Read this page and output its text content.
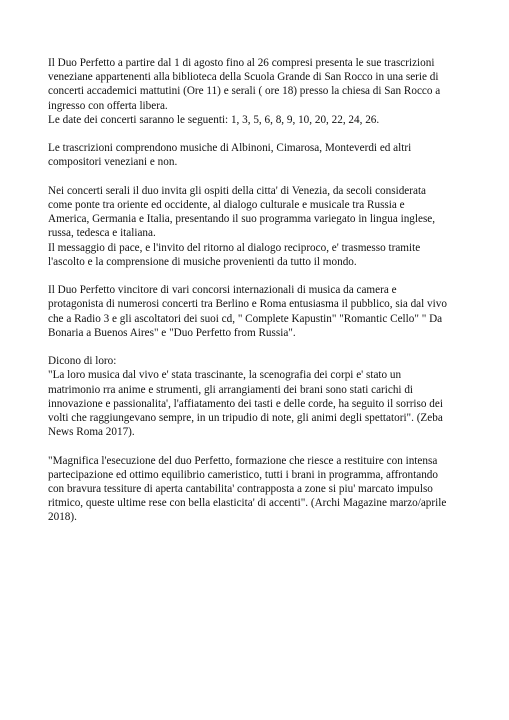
Il Duo Perfetto a partire dal 1 di agosto fino al 26 compresi presenta le sue trascrizioni
veneziane appartenenti alla biblioteca della Scuola Grande di San Rocco in una serie di
concerti accademici mattutini (Ore 11) e serali ( ore 18) presso la chiesa di San Rocco a
ingresso con offerta libera.
Le date dei concerti saranno le seguenti: 1, 3, 5, 6, 8, 9, 10, 20, 22, 24, 26.

Le trascrizioni comprendono musiche di Albinoni, Cimarosa, Monteverdi ed altri
compositori veneziani e non.

Nei concerti serali il duo invita gli ospiti della citta' di Venezia, da secoli considerata
come ponte tra oriente ed occidente, al dialogo culturale e musicale tra Russia e
America, Germania e Italia, presentando il suo programma variegato in lingua inglese,
russa, tedesca e italiana.
Il messaggio di pace, e l'invito del ritorno al dialogo reciproco, e' trasmesso tramite
l'ascolto e la comprensione di musiche provenienti da tutto il mondo.

Il Duo Perfetto vincitore di vari concorsi internazionali di musica da camera e
protagonista di numerosi concerti tra Berlino e Roma entusiasma il pubblico, sia dal vivo
che a Radio 3 e gli ascoltatori dei suoi cd, " Complete Kapustin" "Romantic Cello" " Da
Bonaria a Buenos Aires" e "Duo Perfetto from Russia".

Dicono di loro:
"La loro musica dal vivo e' stata trascinante, la scenografia dei corpi e' stato un
matrimonio rra anime e strumenti, gli arrangiamenti dei brani sono stati carichi di
innovazione e passionalita', l'affiatamento dei tasti e delle corde, ha seguito il sorriso dei
volti che raggiungevano sempre, in un tripudio di note, gli animi degli spettatori". (Zeba
News Roma 2017).

"Magnifica l'esecuzione del duo Perfetto, formazione che riesce a restituire con intensa
partecipazione ed ottimo equilibrio cameristico, tutti i brani in programma, affrontando
con bravura tessiture di aperta cantabilita' contrapposta a zone si piu' marcato impulso
ritmico, queste ultime rese con bella elasticita' di accenti". (Archi Magazine marzo/aprile
2018).
